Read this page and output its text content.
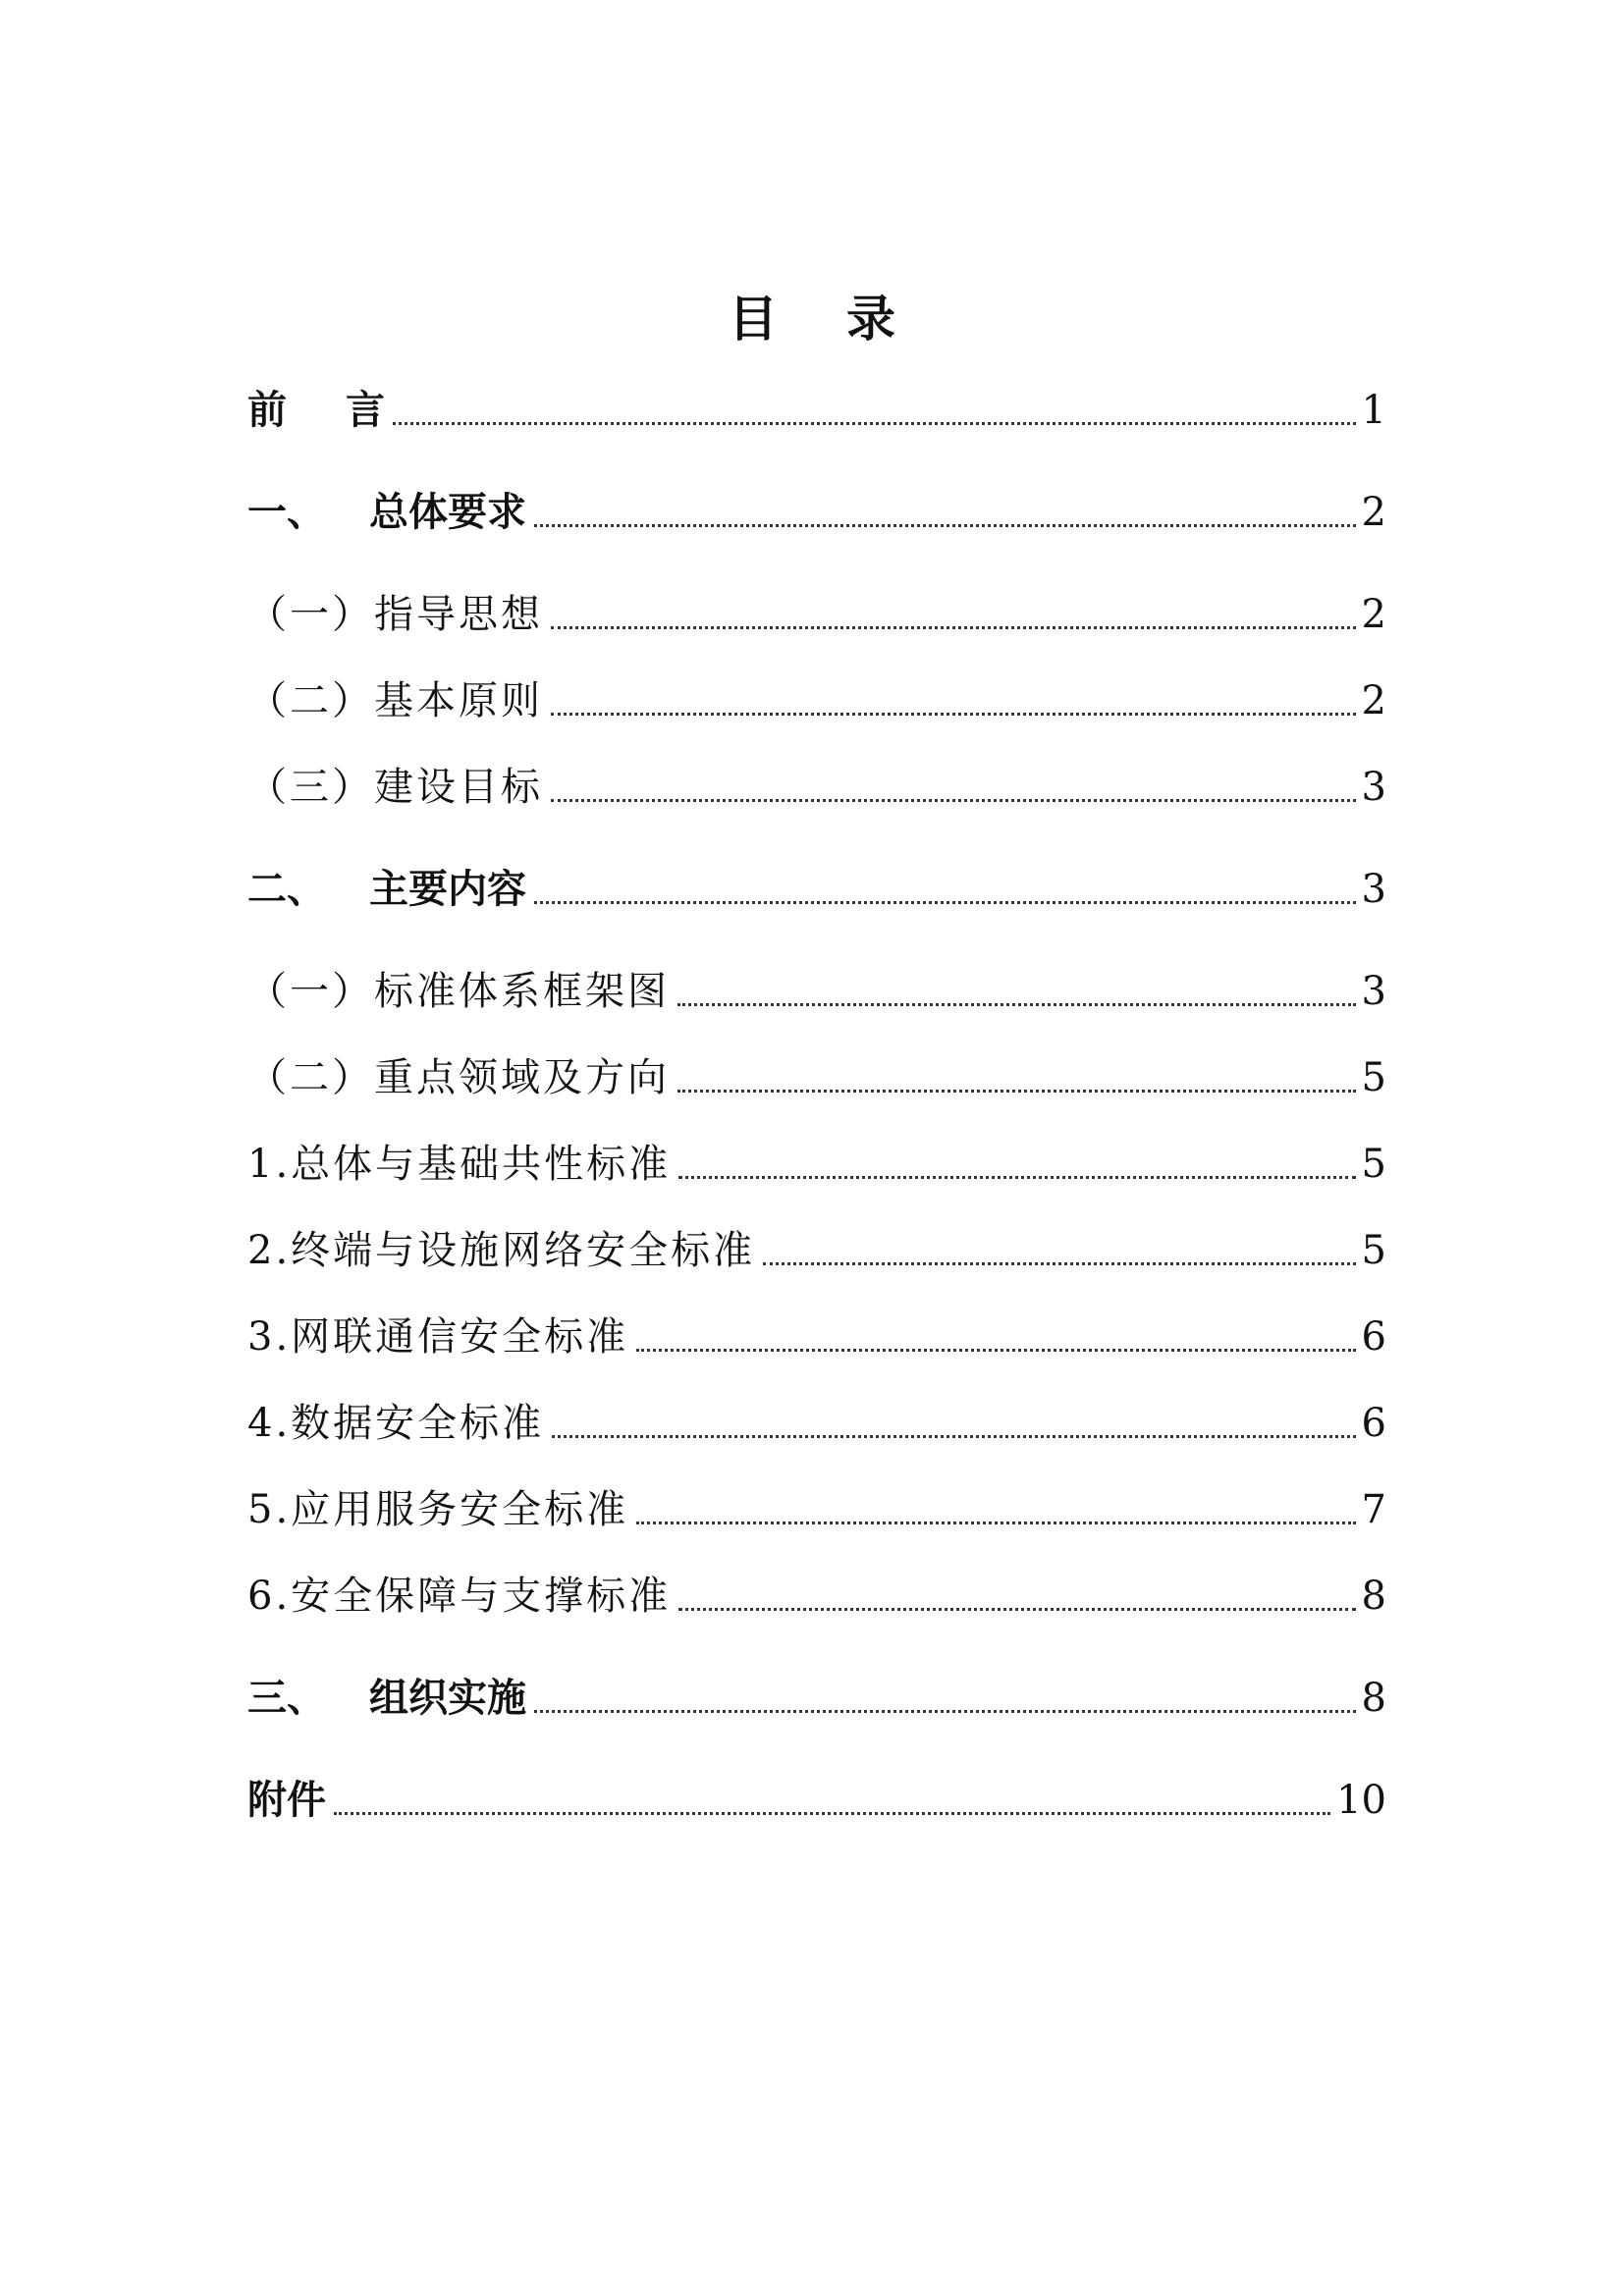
目 录
前 言	1
一、 总体要求	2
（一）指导思想	2
（二）基本原则	2
（三）建设目标	3
二、 主要内容	3
（一）标准体系框架图	3
（二）重点领域及方向	5
1.总体与基础共性标准	5
2.终端与设施网络安全标准	5
3.网联通信安全标准	6
4.数据安全标准	6
5.应用服务安全标准	7
6.安全保障与支撑标准	8
三、 组织实施	8
附件	10
